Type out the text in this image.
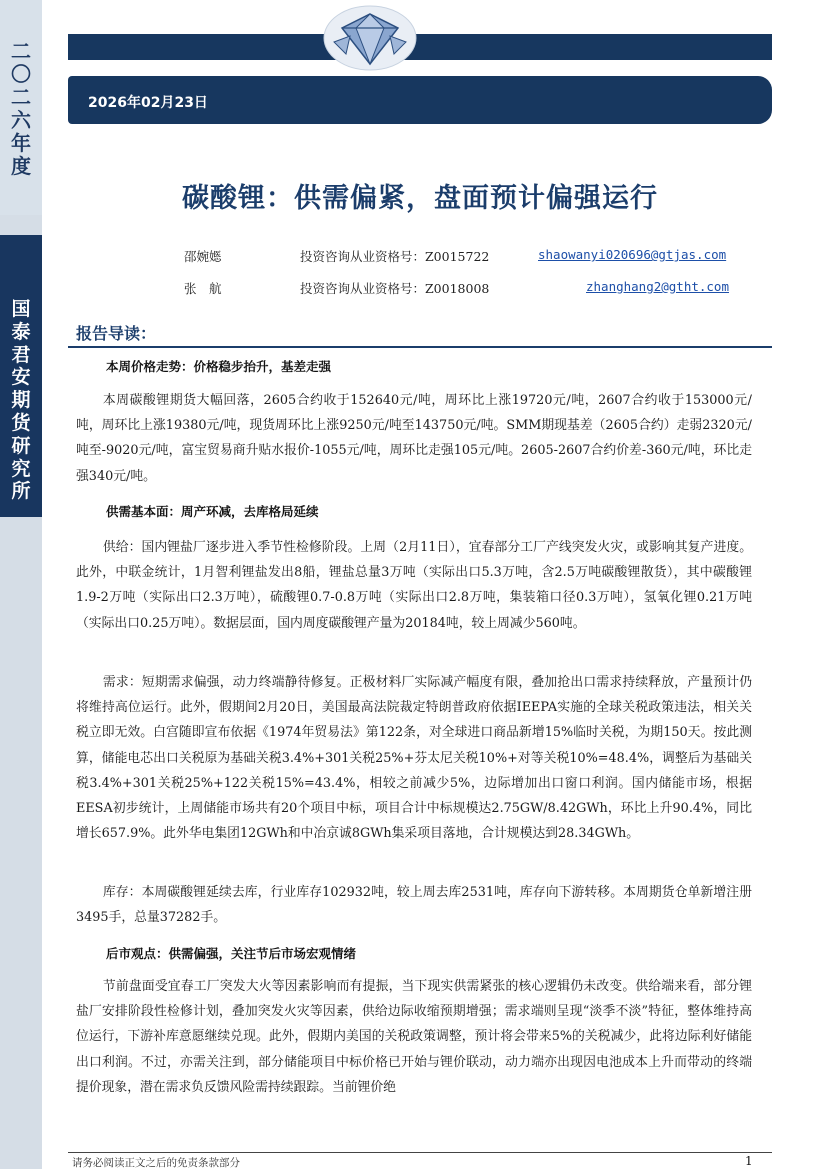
二
〇
二
六
年
度
国
泰
君
安
期
货
研
究
所
2026年02月23日
碳酸锂：供需偏紧，盘面预计偏强运行
邵婉嫕	投资咨询从业资格号：Z0015722	shaowanyi020696@gtjas.com
张　航	投资咨询从业资格号：Z0018008	zhanghang2@gtht.com
报告导读：
本周价格走势：价格稳步抬升，基差走强
本周碳酸锂期货大幅回落，2605合约收于152640元/吨，周环比上涨19720元/吨，2607合约收于153000元/吨，周环比上涨19380元/吨，现货周环比上涨9250元/吨至143750元/吨。SMM期现基差（2605合约）走弱2320元/吨至-9020元/吨，富宝贸易商升贴水报价-1055元/吨，周环比走强105元/吨。2605-2607合约价差-360元/吨，环比走强340元/吨。
供需基本面：周产环减，去库格局延续
供给：国内锂盐厂逐步进入季节性检修阶段。上周（2月11日），宜春部分工厂产线突发火灾，或影响其复产进度。此外，中联金统计，1月智利锂盐发出8船，锂盐总量3万吨（实际出口5.3万吨，含2.5万吨碳酸锂散货），其中碳酸锂1.9-2万吨（实际出口2.3万吨），硫酸锂0.7-0.8万吨（实际出口2.8万吨，集装箱口径0.3万吨），氢氧化锂0.21万吨（实际出口0.25万吨）。数据层面，国内周度碳酸锂产量为20184吨，较上周减少560吨。
需求：短期需求偏强，动力终端静待修复。正极材料厂实际减产幅度有限，叠加抢出口需求持续释放，产量预计仍将维持高位运行。此外，假期间2月20日，美国最高法院裁定特朗普政府依据IEEPA实施的全球关税政策违法，相关关税立即无效。白宫随即宣布依据《1974年贸易法》第122条，对全球进口商品新增15%临时关税，为期150天。按此测算，储能电芯出口关税原为基础关税3.4%+301关税25%+芬太尼关税10%+对等关税10%=48.4%，调整后为基础关税3.4%+301关税25%+122关税15%=43.4%，相较之前减少5%，边际增加出口窗口利润。国内储能市场，根据EESA初步统计，上周储能市场共有20个项目中标，项目合计中标规模达2.75GW/8.42GWh，环比上升90.4%，同比增长657.9%。此外华电集团12GWh和中冶京诚8GWh集采项目落地，合计规模达到28.34GWh。
库存：本周碳酸锂延续去库，行业库存102932吨，较上周去库2531吨，库存向下游转移。本周期货仓单新增注册3495手，总量37282手。
后市观点：供需偏强，关注节后市场宏观情绪
节前盘面受宜春工厂突发大火等因素影响而有提振，当下现实供需紧张的核心逻辑仍未改变。供给端来看，部分锂盐厂安排阶段性检修计划，叠加突发火灾等因素，供给边际收缩预期增强；需求端则呈现“淡季不淡”特征，整体维持高位运行，下游补库意愿继续兑现。此外，假期内美国的关税政策调整，预计将会带来5%的关税减少，此将边际利好储能出口利润。不过，亦需关注到，部分储能项目中标价格已开始与锂价联动，动力端亦出现因电池成本上升而带动的终端提价现象，潜在需求负反馈风险需持续跟踪。当前锂价绝
请务必阅读正文之后的免责条款部分	1
